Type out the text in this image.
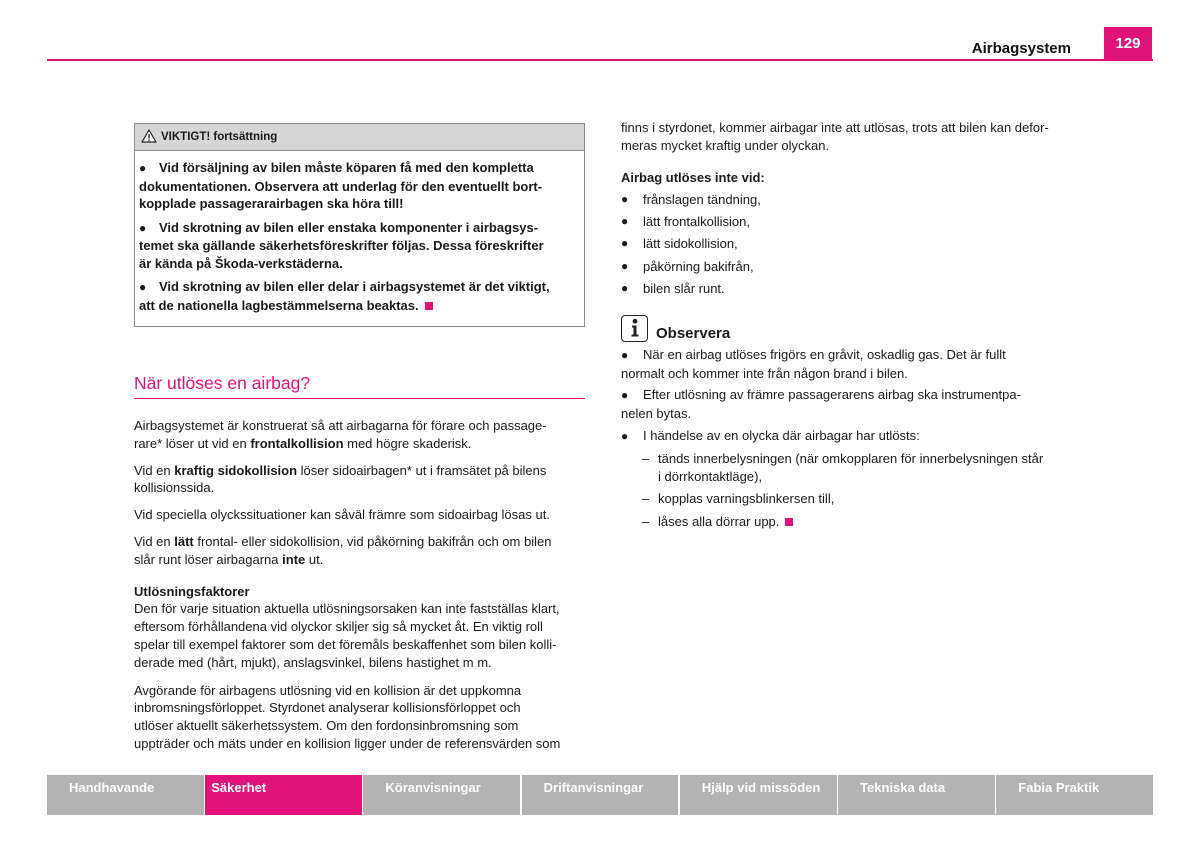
Airbagsystem	129
VIKTIGT! fortsättning
● Vid försäljning av bilen måste köparen få med den kompletta
dokumentationen. Observera att underlag för den eventuellt bort-
kopplade passagerarairbagen ska höra till!
● Vid skrotning av bilen eller enstaka komponenter i airbagsys-
temet ska gällande säkerhetsföreskrifter följas. Dessa föreskrifter
är kända på Škoda-verkstäderna.
● Vid skrotning av bilen eller delar i airbagsystemet är det viktigt,
att de nationella lagbestämmelserna beaktas.
När utlöses en airbag?

Airbagsystemet är konstruerat så att airbagarna för förare och passage-
rare* löser ut vid en frontalkollision med högre skaderisk.

Vid en kraftig sidokollision löser sidoairbagen* ut i framsätet på bilens
kollisionssida.

Vid speciella olyckssituationer kan såväl främre som sidoairbag lösas ut.

Vid en lätt frontal- eller sidokollision, vid påkörning bakifrån och om bilen
slår runt löser airbagarna inte ut.

Utlösningsfaktorer

Den för varje situation aktuella utlösningsorsaken kan inte fastställas klart,
eftersom förhållandena vid olyckor skiljer sig så mycket åt. En viktig roll
spelar till exempel faktorer som det föremåls beskaffenhet som bilen kolli-
derade med (hårt, mjukt), anslagsvinkel, bilens hastighet m m.

Avgörande för airbagens utlösning vid en kollision är det uppkomna
inbromsningsförloppet. Styrdonet analyserar kollisionsförloppet och
utlöser aktuellt säkerhetssystem. Om den fordonsinbromsning som
uppträder och mäts under en kollision ligger under de referensvärden som

finns i styrdonet, kommer airbagar inte att utlösas, trots att bilen kan defor-
meras mycket kraftig under olyckan.

Airbag utlöses inte vid:
●	frånslagen tändning,
●	lätt frontalkollision,
●	lätt sidokollision,
●	påkörning bakifrån,
●	bilen slår runt.
Observera
● När en airbag utlöses frigörs en gråvit, oskadlig gas. Det är fullt
normalt och kommer inte från någon brand i bilen.
● Efter utlösning av främre passagerarens airbag ska instrumentpa-
nelen bytas.
● I händelse av en olycka där airbagar har utlösts:
– tänds innerbelysningen (när omkopplaren för innerbelysningen står
i dörrkontaktläge),
– kopplas varningsblinkersen till,
– låses alla dörrar upp.
Handhavande	Säkerhet	Köranvisningar	Driftanvisningar	Hjälp vid missöden	Tekniska data	Fabia Praktik
